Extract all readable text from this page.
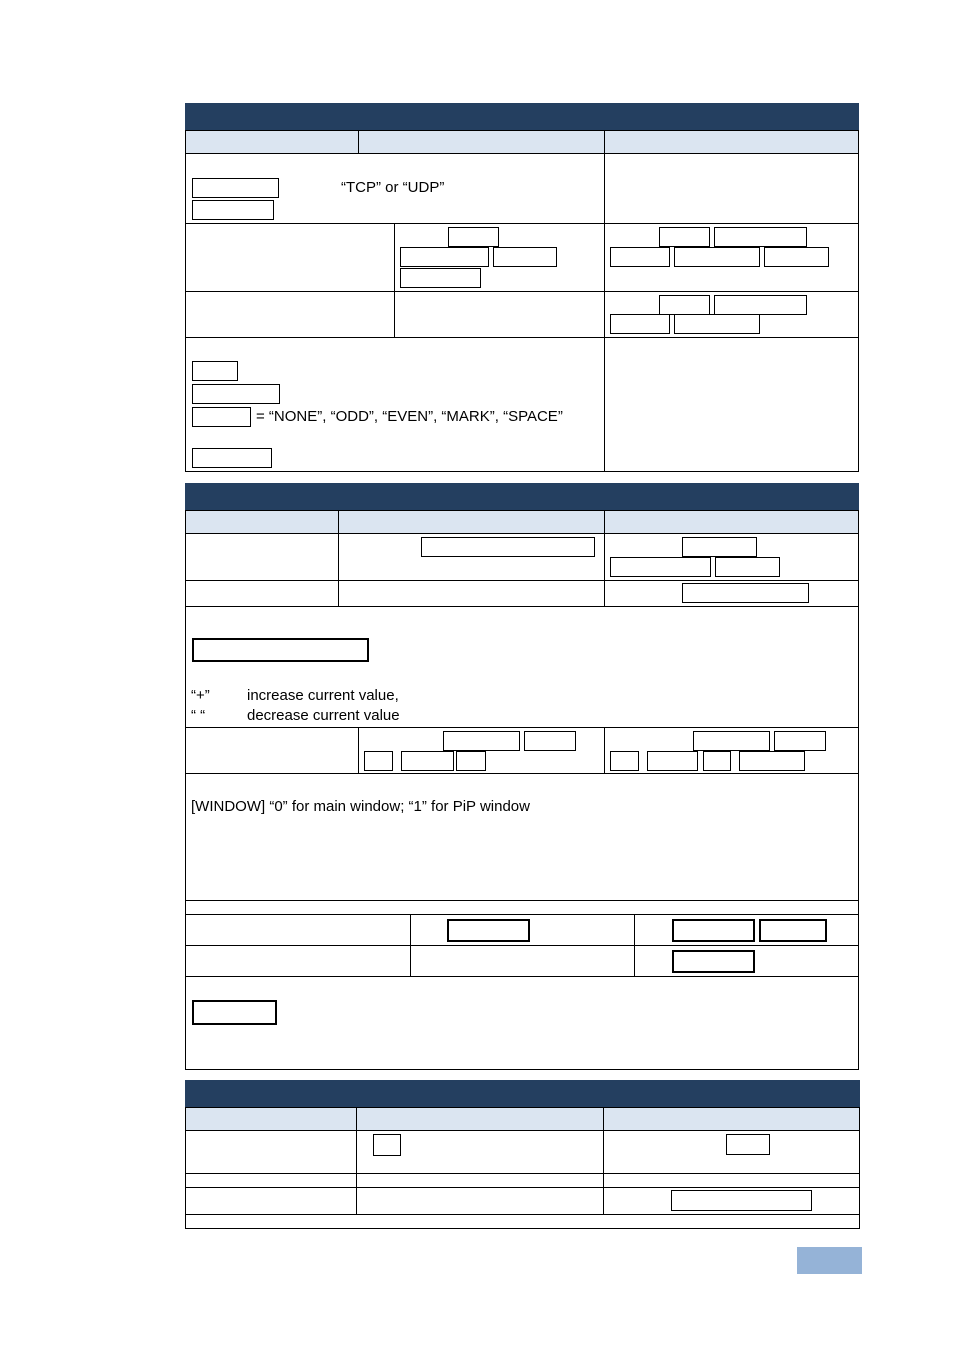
“TCP” or “UDP”
= “NONE”, “ODD”, “EVEN”, “MARK”, “SPACE”
“+” increase current value,
“ “	decrease current value
[WINDOW] “0” for main window; “1” for PiP window
